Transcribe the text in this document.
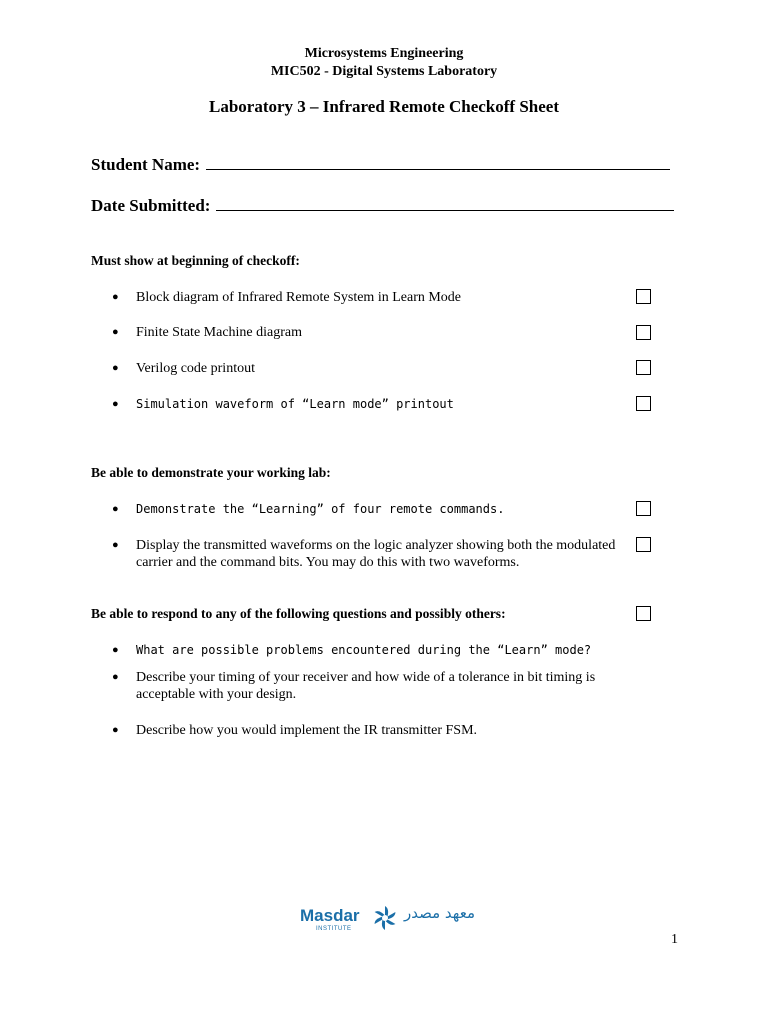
Microsystems Engineering
MIC502 - Digital Systems Laboratory
Laboratory 3 – Infrared Remote Checkoff Sheet
Student Name:
Date Submitted:
Must show at beginning of checkoff:
●	Block diagram of Infrared Remote System in Learn Mode
●	Finite State Machine diagram
●	Verilog code printout
●	Simulation waveform of “Learn mode” printout
Be able to demonstrate your working lab:
●	Demonstrate the “Learning” of four remote commands.
●	Display the transmitted waveforms on the logic analyzer showing both the modulated carrier and the command bits. You may do this with two waveforms.
Be able to respond to any of the following questions and possibly others:
●	What are possible problems encountered during the “Learn” mode?
●	Describe your timing of your receiver and how wide of a tolerance in bit timing is acceptable with your design.
●	Describe how you would implement the IR transmitter FSM.
Masdar
INSTITUTE
معهد مصدر
1
